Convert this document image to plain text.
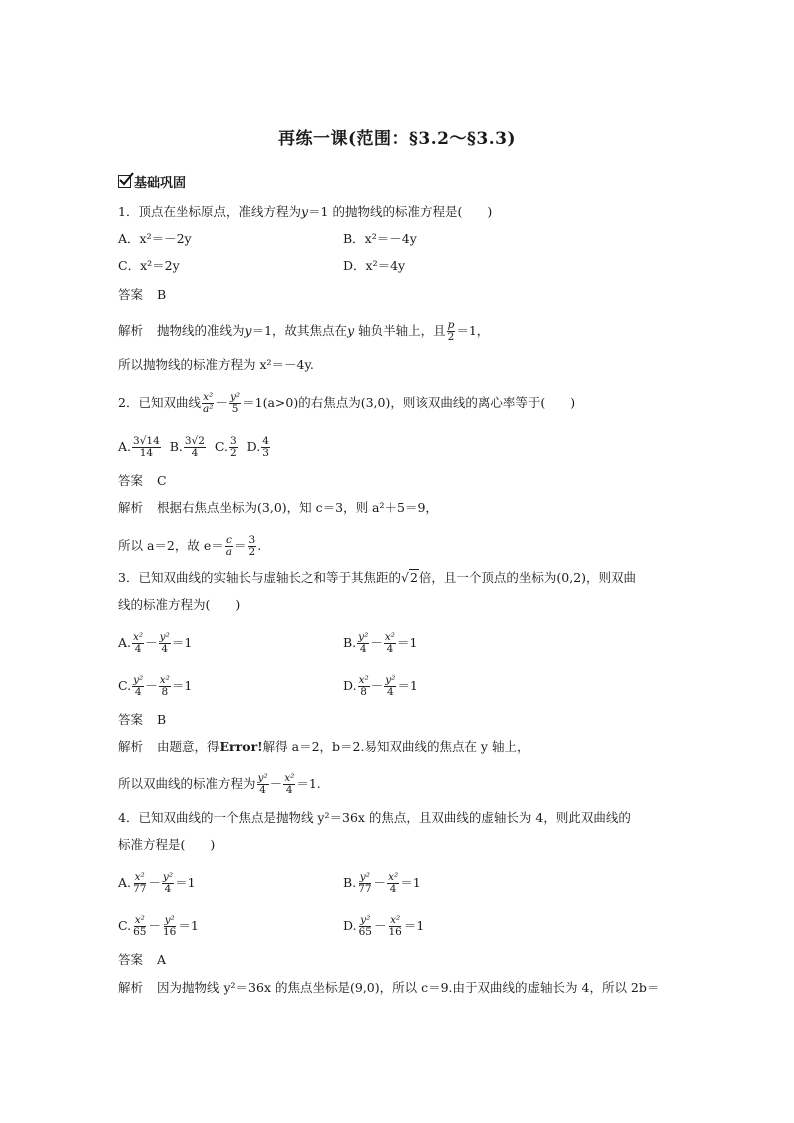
再练一课(范围：§3.2～§3.3)
基础巩固
1．顶点在坐标原点，准线方程为y＝1 的抛物线的标准方程是(　　)
A．x²＝－2y	B．x²＝－4y
C．x²＝2y	D．x²＝4y
答案 B
解析 抛物线的准线为y＝1，故其焦点在y 轴负半轴上，且 $\frac{p}{2} =1$，
所以抛物线的标准方程为 x²＝－4y.
2．已知双曲线 $\frac{\text{x²}}{\text{a²}} - \frac{\text{y²}}{5} =1(a>0)$的右焦点为(3,0)，则该双曲线的离心率等于(　　)
A. $\frac{3√14}{14} B$. $\frac{3√2}{4} C$. $\frac{3}{2} D$. $\frac{4}{3}$
答案 C
解析 根据右焦点坐标为(3,0)，知 c＝3，则 a²＋5＝9，
所以 a＝2，故 $e= \frac{c}{a} = \frac{3}{2}$ .
3．已知双曲线的实轴长与虚轴长之和等于其焦距的√2倍，且一个顶点的坐标为(0,2)，则双曲
线的标准方程为(　　)
A. $\frac{\text{x²}}{4} - \frac{\text{y²}}{4} =1$	B. $\frac{\text{y²}}{4} - \frac{\text{x²}}{4} =1$
C. $\frac{\text{y²}}{4} - \frac{\text{x²}}{8} =1$	D. $\frac{\text{x²}}{8} - \frac{\text{y²}}{4} =1$
答案 B
解析 由题意，得Error!解得 a＝2，b＝2.易知双曲线的焦点在 y 轴上，
所以双曲线的标准方程为 $\frac{\text{y²}}{4} - \frac{\text{x²}}{4} =1$.
4．已知双曲线的一个焦点是抛物线 y²＝36x 的焦点，且双曲线的虚轴长为 4，则此双曲线的
标准方程是(　　)
A. $\frac{\text{x²}}{77} - \frac{\text{y²}}{4} =1$	B. $\frac{\text{y²}}{77} - \frac{\text{x²}}{4} =1$
C. $\frac{\text{x²}}{65} - \frac{\text{y²}}{16} =1$	D. $\frac{\text{y²}}{65} - \frac{\text{x²}}{16} =1$
答案 A
解析 因为抛物线 y²＝36x 的焦点坐标是(9,0)，所以 c＝9.由于双曲线的虚轴长为 4，所以 2b＝
